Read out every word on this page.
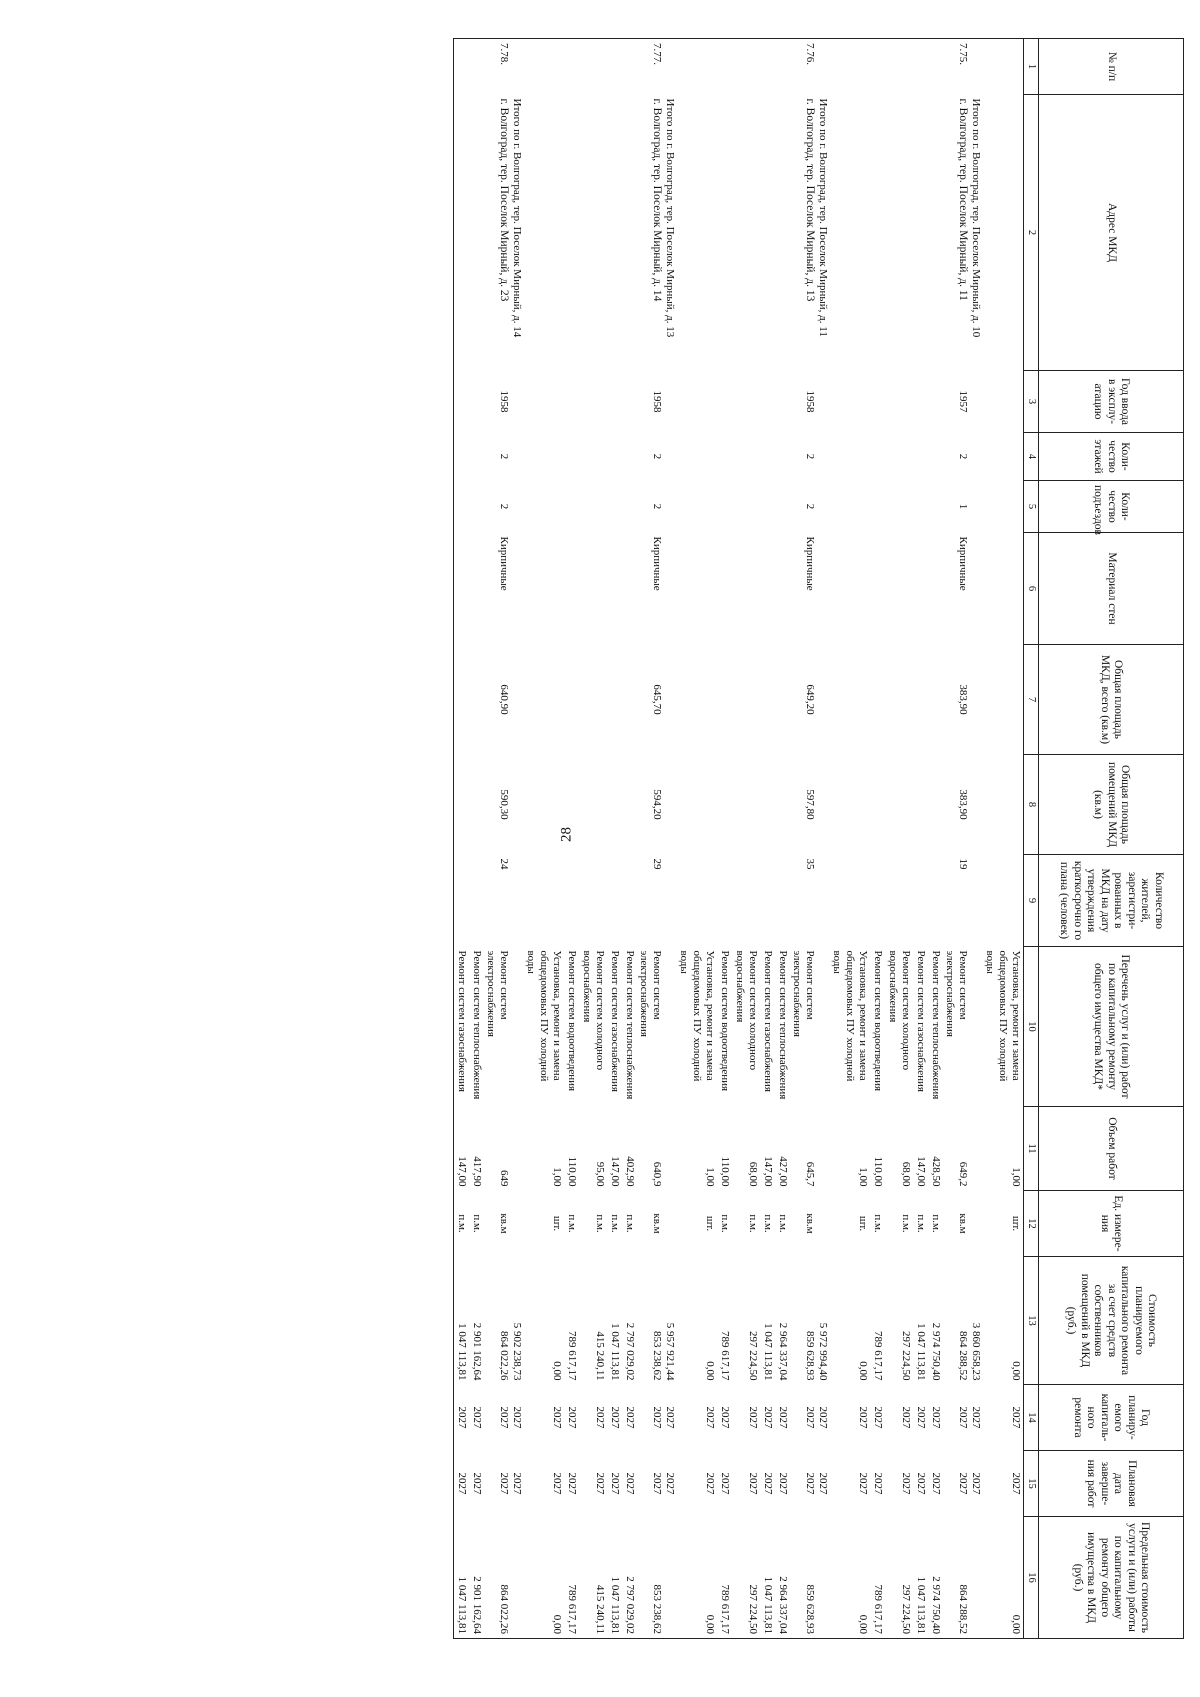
28
№ п/п	Адрес МКД	Год ввода в эксплу-атацию	Коли-чество этажей	Коли-чество подъездов	Материал стен	Общая площадь МКД, всего (кв.м)	Общая площадь помещений МКД (кв.м)	Количество жителей, зарегистри-рованных в МКД на дату утверждения краткосрочно го плана (человек)	Перечень услуг и (или) работ по капитальному ремонту общего имущества МКД*	Объем работ	Ед. измере-ния	Стоимость планируемого капитального ремонта за счет средств собственников помещений в МКД (руб.)	Год планиру-емого капиталь-ного ремонта	Плановая дата заверше-ния работ	Предельная стоимость услуги и (или) работы по капитальному ремонту общего имущества в МКД (руб.)
1	2	3	4	5	6	7	8	9	10	11	12	13	14	15	16
									Установка, ремонт и замена общедомовых ПУ холодной воды	1,00	шт.	0,00	2027	2027	0,00
	Итого по г. Волгоград, тер. Поселок Мирный, д. 10											3 860 658,23	2027	2027	
7.75.	г. Волгоград, тер. Поселок Мирный, д. 11	1957	2	1	Кирпичные	383,90	383,90	19	Ремонт систем электроснабжения	649,2	кв.м	864 288,52	2027	2027	864 288,52
									Ремонт систем теплоснабжения	428,50	п.м.	2 974 750,40	2027	2027	2 974 750,40
									Ремонт систем газоснабжения	147,00	п.м.	1 047 113,81	2027	2027	1 047 113,81
									Ремонт систем холодного водоснабжения	68,00	п.м.	297 224,50	2027	2027	297 224,50
									Ремонт систем водоотведения	110,00	п.м.	789 617,17	2027	2027	789 617,17
									Установка, ремонт и замена общедомовых ПУ холодной воды	1,00	шт.	0,00	2027	2027	0,00
	Итого по г. Волгоград, тер. Поселок Мирный, д. 11											5 972 994,40	2027	2027	
7.76.	г. Волгоград, тер. Поселок Мирный, д. 13	1958	2	2	Кирпичные	649,20	597,80	35	Ремонт систем электроснабжения	645,7	кв.м	859 628,93	2027	2027	859 628,93
									Ремонт систем теплоснабжения	427,00	п.м.	2 964 337,04	2027	2027	2 964 337,04
									Ремонт систем газоснабжения	147,00	п.м.	1 047 113,81	2027	2027	1 047 113,81
									Ремонт систем холодного водоснабжения	68,00	п.м.	297 224,50	2027	2027	297 224,50
									Ремонт систем водоотведения	110,00	п.м.	789 617,17	2027	2027	789 617,17
									Установка, ремонт и замена общедомовых ПУ холодной воды	1,00	шт.	0,00	2027	2027	0,00
	Итого по г. Волгоград, тер. Поселок Мирный, д. 13											5 957 921,44	2027	2027	
7.77.	г. Волгоград, тер. Поселок Мирный, д. 14	1958	2	2	Кирпичные	645,70	594,20	29	Ремонт систем электроснабжения	640,9	кв.м	853 238,62	2027	2027	853 238,62
									Ремонт систем теплоснабжения	402,90	п.м.	2 797 029,02	2027	2027	2 797 029,02
									Ремонт систем газоснабжения	147,00	п.м.	1 047 113,81	2027	2027	1 047 113,81
									Ремонт систем холодного водоснабжения	95,00	п.м.	415 240,11	2027	2027	415 240,11
									Ремонт систем водоотведения	110,00	п.м.	789 617,17	2027	2027	789 617,17
									Установка, ремонт и замена общедомовых ПУ холодной воды	1,00	шт.	0,00	2027	2027	0,00
	Итого по г. Волгоград, тер. Поселок Мирный, д. 14											5 902 238,73	2027	2027	
7.78.	г. Волгоград, тер. Поселок Мирный, д. 23	1958	2	2	Кирпичные	640,90	590,30	24	Ремонт систем электроснабжения	649	кв.м	864 022,26	2027	2027	864 022,26
									Ремонт систем теплоснабжения	417,90	п.м.	2 901 162,64	2027	2027	2 901 162,64
									Ремонт систем газоснабжения	147,00	п.м.	1 047 113,81	2027	2027	1 047 113,81
